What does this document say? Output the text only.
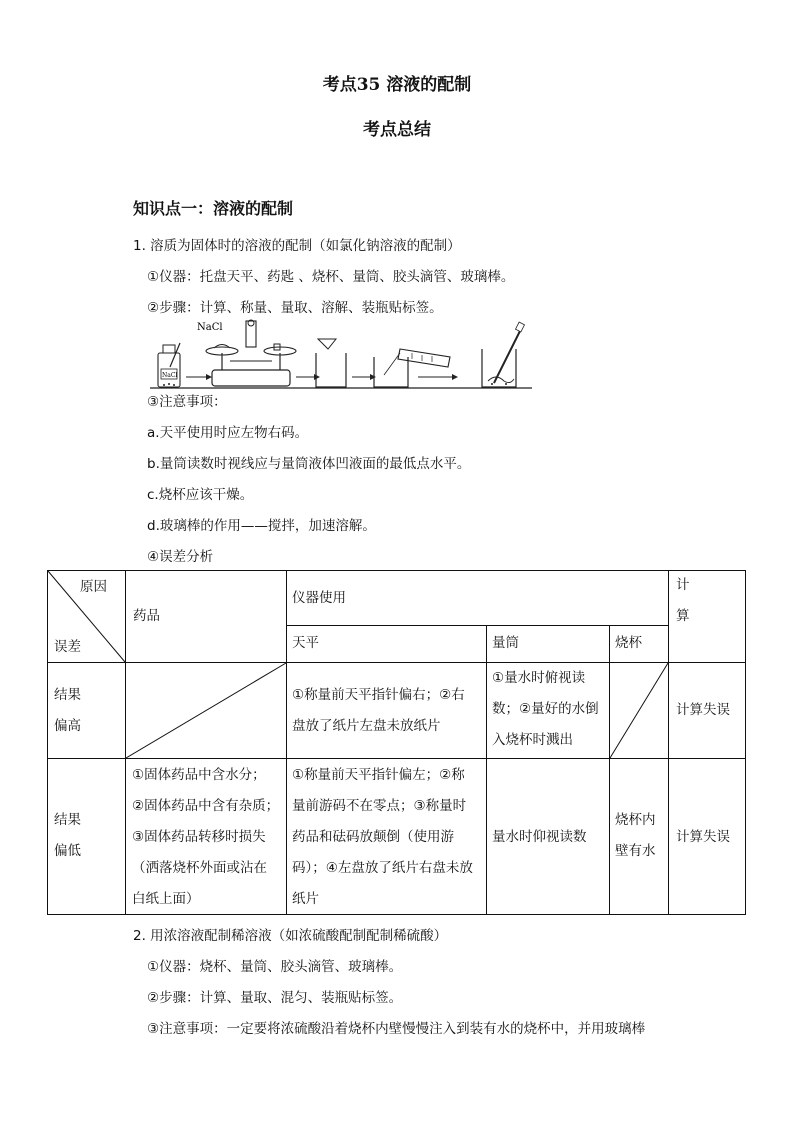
考点35 溶液的配制
考点总结
知识点一：溶液的配制
1. 溶质为固体时的溶液的配制（如氯化钠溶液的配制）
①仪器：托盘天平、药匙 、烧杯、量筒、胶头滴管、玻璃棒。
②步骤：计算、称量、量取、溶解、装瓶贴标签。
NaCl
NaCl
③注意事项：
a.天平使用时应左物右码。
b.量筒读数时视线应与量筒液体凹液面的最低点水平。
c.烧杯应该干燥。
d.玻璃棒的作用——搅拌，加速溶解。
④误差分析
原因
误差
药品
仪器使用
计
算
天平	量筒	烧杯
结果
偏高
①称量前天平指针偏右；②右
盘放了纸片左盘未放纸片
①量水时俯视读
数；②量好的水倒
入烧杯时溅出
计算失误
结果
偏低
①固体药品中含水分；
②固体药品中含有杂质；
③固体药品转移时损失
（洒落烧杯外面或沾在
白纸上面）
①称量前天平指针偏左；②称
量前游码不在零点；③称量时
药品和砝码放颠倒（使用游
码）；④左盘放了纸片右盘未放
纸片
量水时仰视读数
烧杯内
壁有水
计算失误
2. 用浓溶液配制稀溶液（如浓硫酸配制配制稀硫酸）
①仪器：烧杯、量筒、胶头滴管、玻璃棒。
②步骤：计算、量取、混匀、装瓶贴标签。
③注意事项：一定要将浓硫酸沿着烧杯内壁慢慢注入到装有水的烧杯中，并用玻璃棒
